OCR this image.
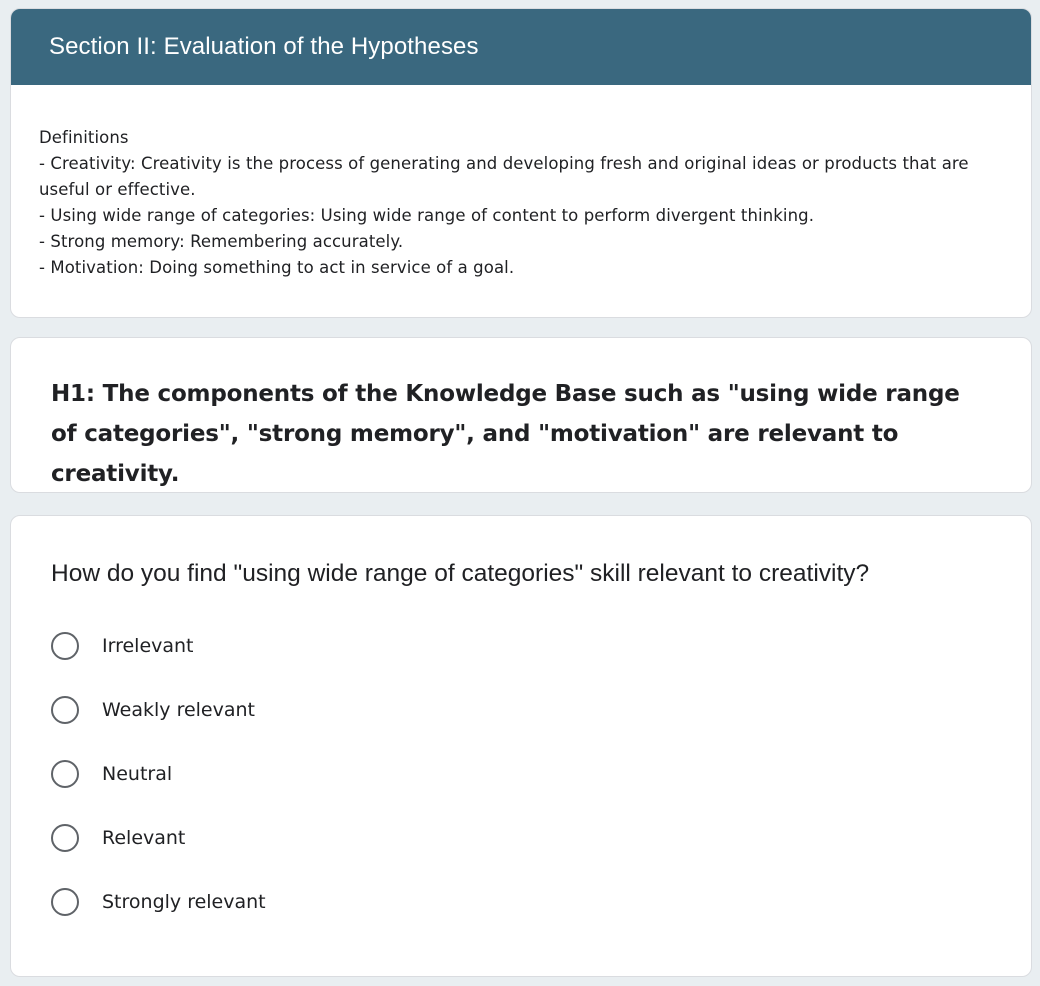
Section II: Evaluation of the Hypotheses
Definitions
- Creativity: Creativity is the process of generating and developing fresh and original ideas or products that are useful or effective.
- Using wide range of categories: Using wide range of content to perform divergent thinking.
- Strong memory: Remembering accurately.
- Motivation: Doing something to act in service of a goal.
H1: The components of the Knowledge Base such as "using wide range of categories", "strong memory", and "motivation" are relevant to creativity.
How do you find "using wide range of categories" skill relevant to creativity?
Irrelevant
Weakly relevant
Neutral
Relevant
Strongly relevant
